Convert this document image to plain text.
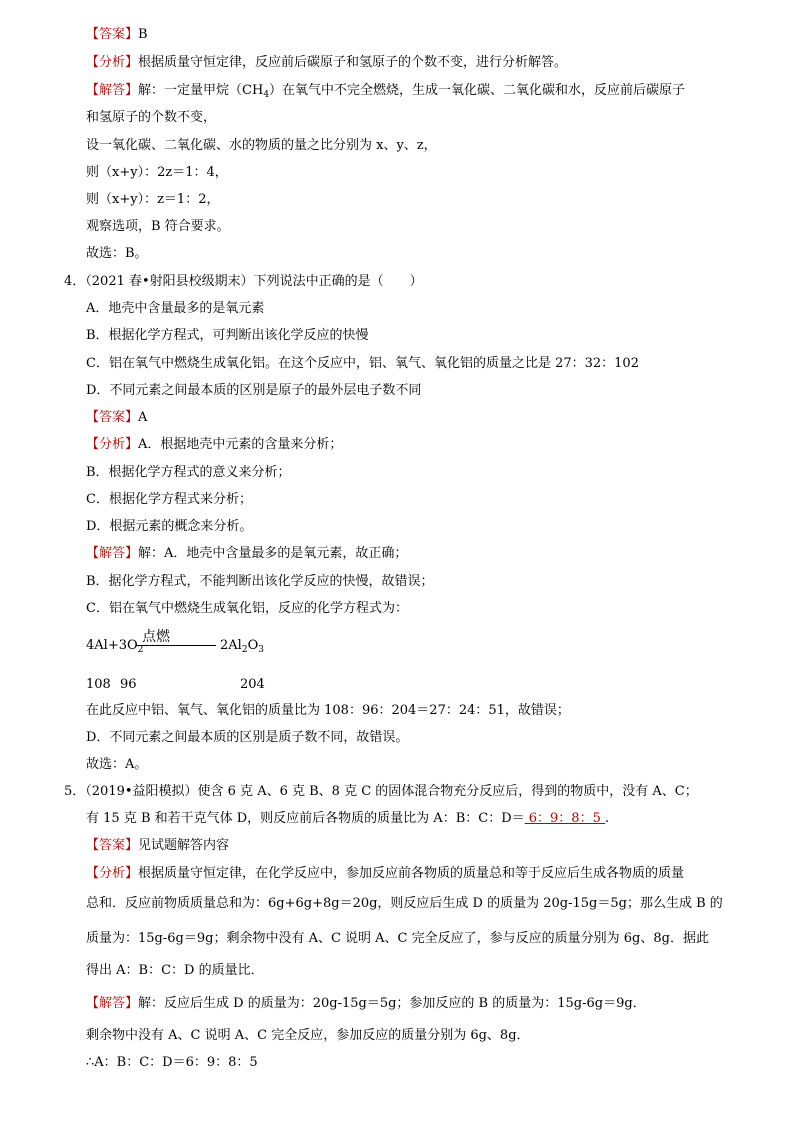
【答案】B
【分析】根据质量守恒定律，反应前后碳原子和氢原子的个数不变，进行分析解答。
【解答】解：一定量甲烷$(CH_4)$在氧气中不完全燃烧，生成一氧化碳、二氧化碳和水，反应前后碳原子
和氢原子的个数不变，
设一氧化碳、二氧化碳、水的物质的量之比分别为 x、y、z，
则（x+y）：2z＝1：4，
则（x+y）：z＝1：2，
观察选项，B 符合要求。
故选：B。
4．（2021 春•射阳县校级期末）下列说法中正确的是（　　）
A．地壳中含量最多的是氧元素
B．根据化学方程式，可判断出该化学反应的快慢
C．铝在氧气中燃烧生成氧化铝。在这个反应中，铝、氧气、氧化铝的质量之比是 27：32：102
D．不同元素之间最本质的区别是原子的最外层电子数不同
【答案】A
【分析】A．根据地壳中元素的含量来分析；
B．根据化学方程式的意义来分析；
C．根据化学方程式来分析；
D．根据元素的概念来分析。
【解答】解：A．地壳中含量最多的是氧元素，故正确；
B．据化学方程式，不能判断出该化学反应的快慢，故错误；
C．铝在氧气中燃烧生成氧化铝，反应的化学方程式为：
点燃
$4Al+3O_2$	$2Al_2O_3$
108 96	204
在此反应中铝、氧气、氧化铝的质量比为 108：96：204＝27：24：51，故错误；
D．不同元素之间最本质的区别是质子数不同，故错误。
故选：A。
5．（2019•益阳模拟）使含 6 克 A、6 克 B、8 克 C 的固体混合物充分反应后，得到的物质中，没有 A、C；
有 15 克 B 和若干克气体 D，则反应前后各物质的质量比为 A：B：C：D＝ 6：9：8：5 .
【答案】见试题解答内容
【分析】根据质量守恒定律，在化学反应中，参加反应前各物质的质量总和等于反应后生成各物质的质量
总和．反应前物质质量总和为：6g+6g+8g＝20g，则反应后生成 D 的质量为 20g-15g＝5g；那么生成 B 的
质量为：15g-6g＝9g；剩余物中没有 A、C 说明 A、C 完全反应了，参与反应的质量分别为 6g、8g．据此
得出 A：B：C：D 的质量比．
【解答】解：反应后生成 D 的质量为：20g-15g＝5g；参加反应的 B 的质量为：15g-6g＝9g．
剩余物中没有 A、C 说明 A、C 完全反应，参加反应的质量分别为 6g、8g．
∴A：B：C：D＝6：9：8：5
